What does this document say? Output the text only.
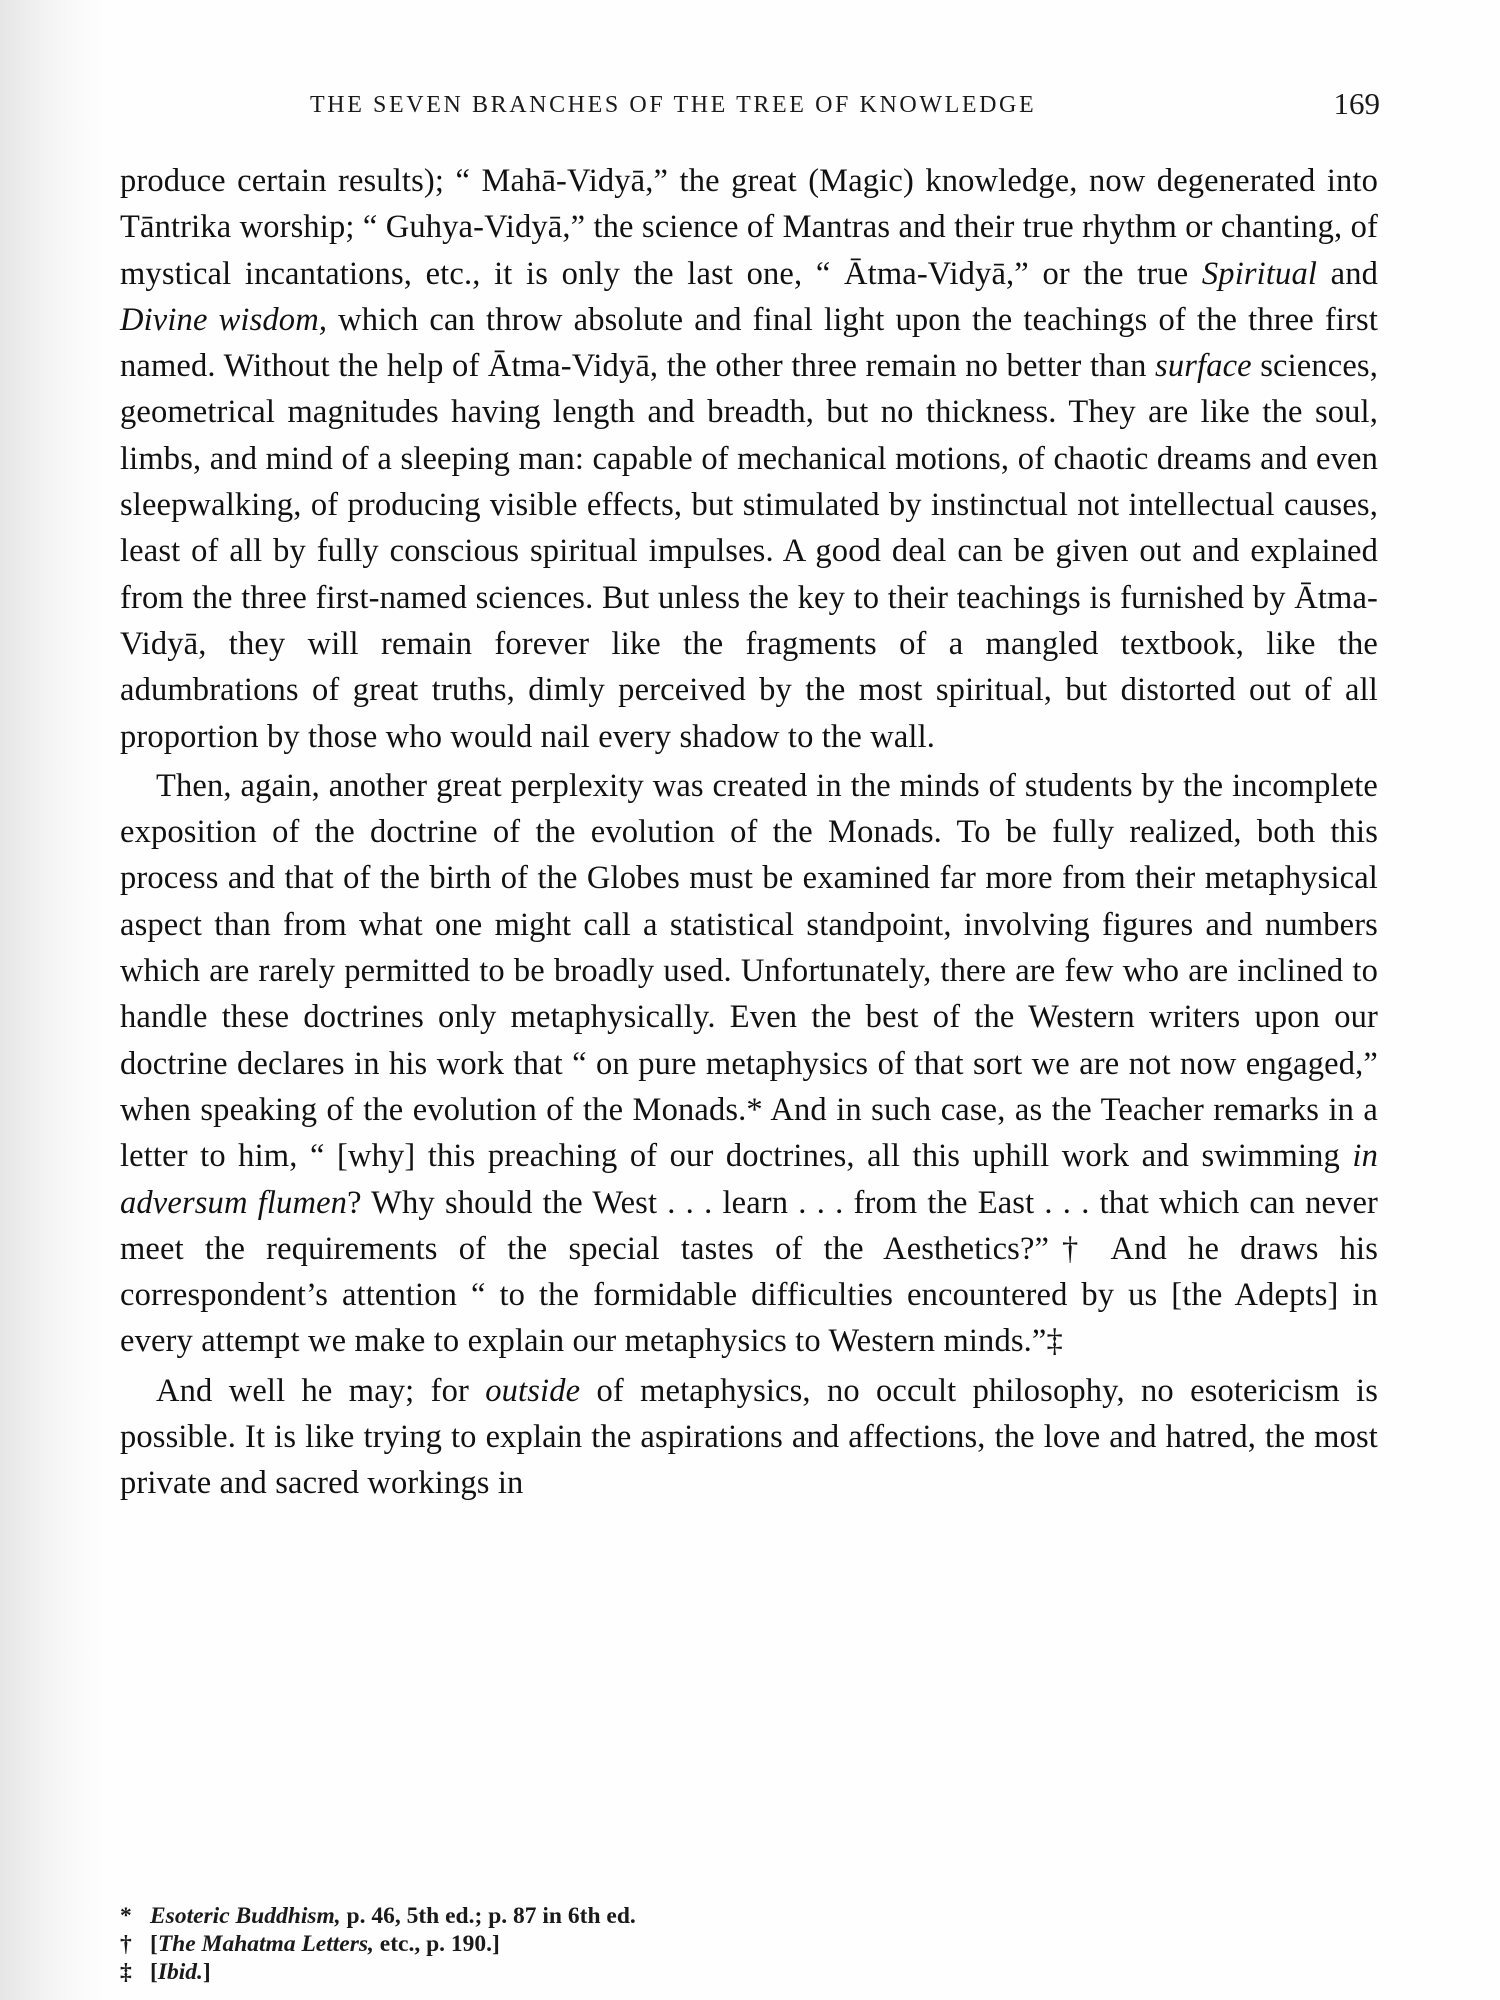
THE SEVEN BRANCHES OF THE TREE OF KNOWLEDGE	169

produce certain results); “ Mahā-Vidyā,” the great (Magic) knowledge, now degenerated into Tāntrika worship; “ Guhya-Vidyā,” the science of Mantras and their true rhythm or chanting, of mystical incantations, etc., it is only the last one, “ Ātma-Vidyā,” or the true Spiritual and Divine wisdom, which can throw absolute and final light upon the teachings of the three first named. Without the help of Ātma-Vidyā, the other three remain no better than surface sciences, geometrical magnitudes having length and breadth, but no thickness. They are like the soul, limbs, and mind of a sleeping man: capable of mechanical motions, of chaotic dreams and even sleepwalking, of producing visible effects, but stimulated by instinctual not intellectual causes, least of all by fully conscious spiritual impulses. A good deal can be given out and explained from the three first-named sciences. But unless the key to their teachings is furnished by Ātma-Vidyā, they will remain forever like the fragments of a mangled textbook, like the adumbrations of great truths, dimly perceived by the most spiritual, but distorted out of all proportion by those who would nail every shadow to the wall.

Then, again, another great perplexity was created in the minds of students by the incomplete exposition of the doctrine of the evolution of the Monads. To be fully realized, both this process and that of the birth of the Globes must be examined far more from their metaphysical aspect than from what one might call a statistical standpoint, involving figures and numbers which are rarely permitted to be broadly used. Unfortunately, there are few who are inclined to handle these doctrines only metaphysically. Even the best of the Western writers upon our doctrine declares in his work that “ on pure metaphysics of that sort we are not now engaged,” when speaking of the evolution of the Monads.* And in such case, as the Teacher remarks in a letter to him, “ [why] this preaching of our doctrines, all this uphill work and swimming in adversum flumen? Why should the West . . . learn . . . from the East . . . that which can never meet the requirements of the special tastes of the Aesthetics?”† And he draws his correspondent’s attention “ to the formidable difficulties encountered by us [the Adepts] in every attempt we make to explain our metaphysics to Western minds.”‡

And well he may; for outside of metaphysics, no occult philosophy, no esotericism is possible. It is like trying to explain the aspirations and affections, the love and hatred, the most private and sacred workings in

* Esoteric Buddhism, p. 46, 5th ed.; p. 87 in 6th ed.
† [The Mahatma Letters, etc., p. 190.]
‡ [Ibid.]
